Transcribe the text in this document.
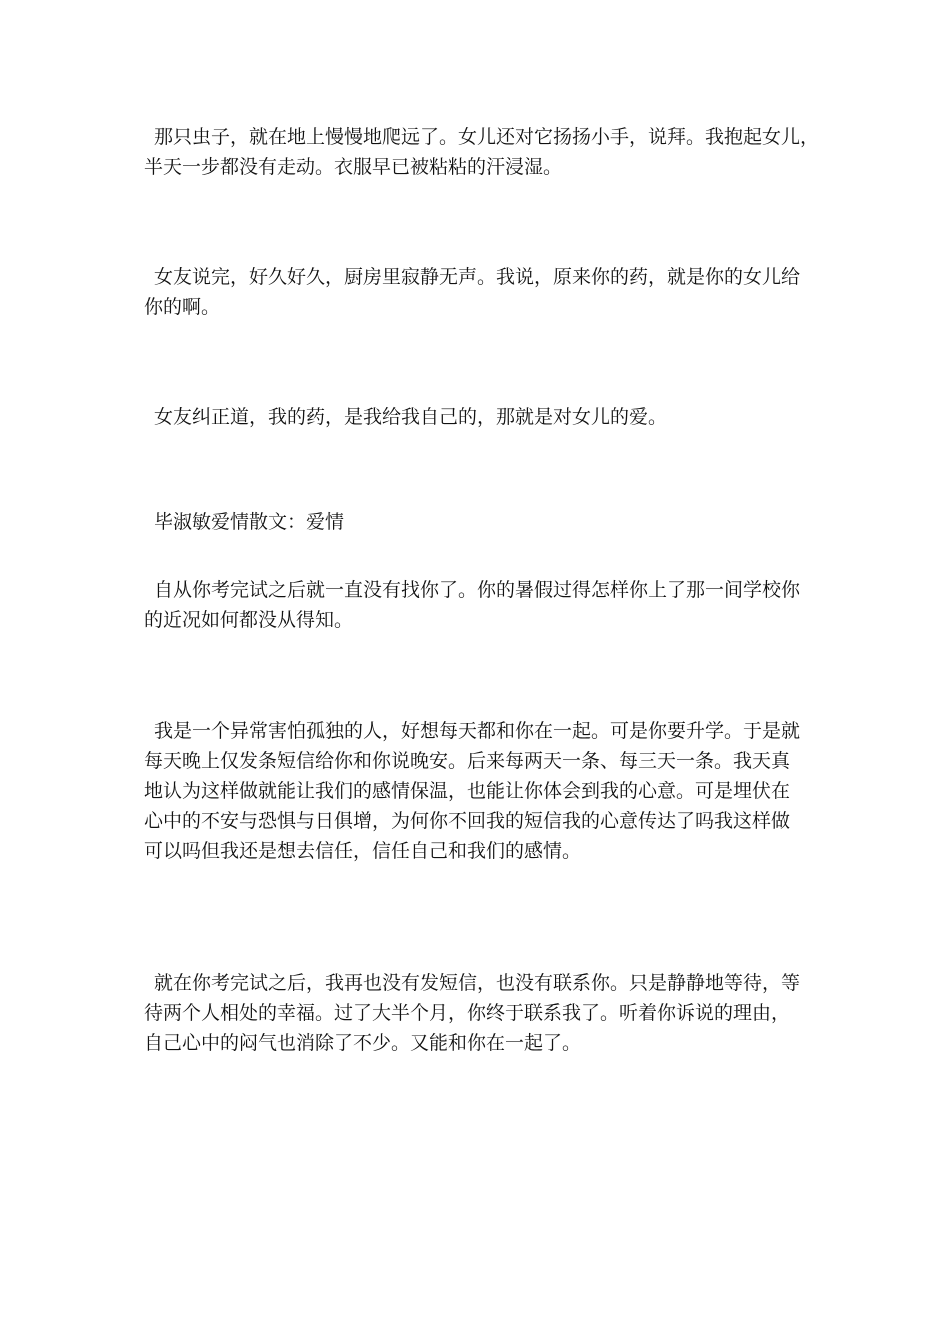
那只虫子，就在地上慢慢地爬远了。女儿还对它扬扬小手，说拜。我抱起女儿，
半天一步都没有走动。衣服早已被粘粘的汗浸湿。
女友说完，好久好久，厨房里寂静无声。我说，原来你的药，就是你的女儿给
你的啊。
女友纠正道，我的药，是我给我自己的，那就是对女儿的爱。
毕淑敏爱情散文：爱情
自从你考完试之后就一直没有找你了。你的暑假过得怎样你上了那一间学校你
的近况如何都没从得知。
我是一个异常害怕孤独的人，好想每天都和你在一起。可是你要升学。于是就
每天晚上仅发条短信给你和你说晚安。后来每两天一条、每三天一条。我天真
地认为这样做就能让我们的感情保温，也能让你体会到我的心意。可是埋伏在
心中的不安与恐惧与日俱增，为何你不回我的短信我的心意传达了吗我这样做
可以吗但我还是想去信任，信任自己和我们的感情。
就在你考完试之后，我再也没有发短信，也没有联系你。只是静静地等待，等
待两个人相处的幸福。过了大半个月，你终于联系我了。听着你诉说的理由，
自己心中的闷气也消除了不少。又能和你在一起了。
